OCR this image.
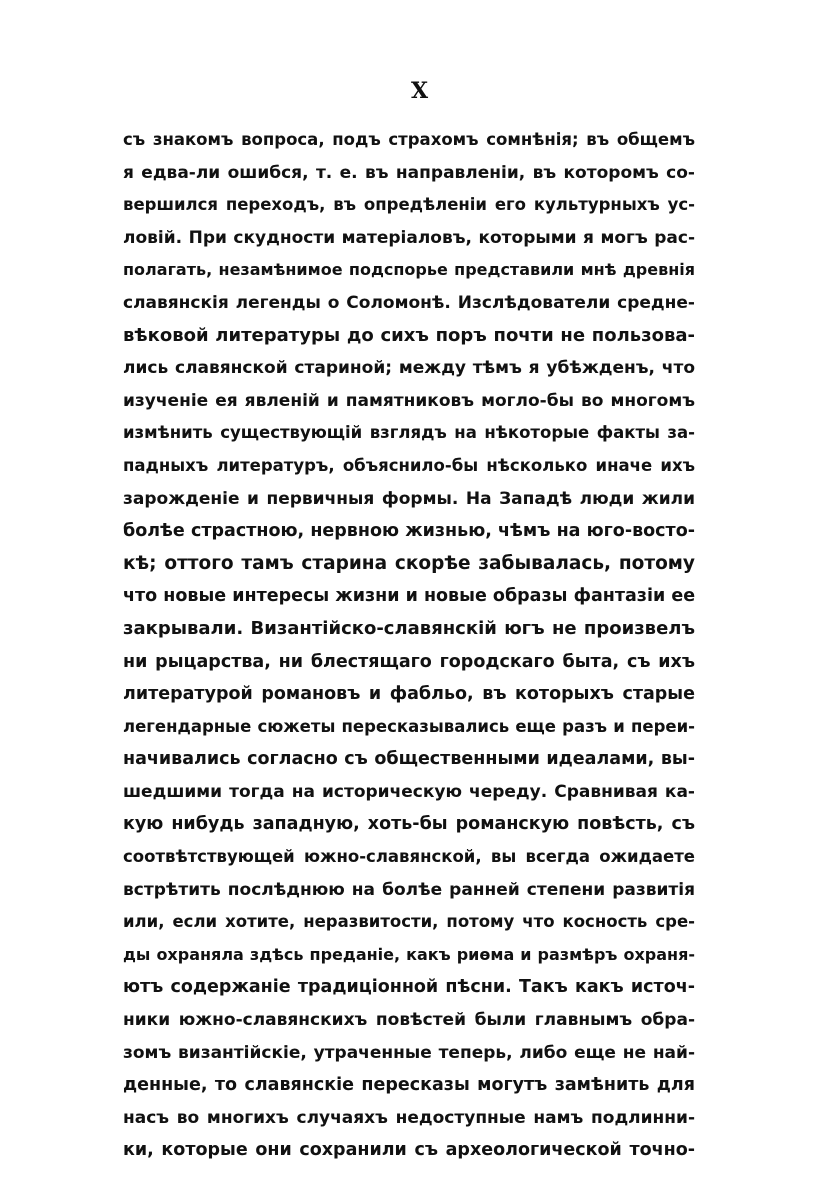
X
съ знакомъ вопроса, подъ страхомъ сомнѣнія; въ общемъ
я едва-ли ошибся, т. е. въ направленіи, въ которомъ со-
вершился переходъ, въ опредѣленіи его культурныхъ ус-
ловій. При скудности матеріаловъ, которыми я могъ рас-
полагать, незамѣнимое подспорье представили мнѣ древнія
славянскія легенды о Соломонѣ. Изслѣдователи средне-
вѣковой литературы до сихъ поръ почти не пользова-
лись славянской стариной; между тѣмъ я убѣжденъ, что
изученіе ея явленій и памятниковъ могло-бы во многомъ
измѣнить существующій взглядъ на нѣкоторые факты за-
падныхъ литературъ, объяснило-бы нѣсколько иначе ихъ
зарожденіе и первичныя формы. На Западѣ люди жили
болѣе страстною, нервною жизнью, чѣмъ на юго-восто-
кѣ; оттого тамъ старина скорѣе забывалась, потому
что новые интересы жизни и новые образы фантазіи ее
закрывали. Византійско-славянскій югъ не произвелъ
ни рыцарства, ни блестящаго городскаго быта, съ ихъ
литературой романовъ и фабльо, въ которыхъ старые
легендарные сюжеты пересказывались еще разъ и переи-
начивались согласно съ общественными идеалами, вы-
шедшими тогда на историческую череду. Сравнивая ка-
кую нибудь западную, хоть-бы романскую повѣсть, съ
соотвѣтствующей южно-славянской, вы всегда ожидаете
встрѣтить послѣднюю на болѣе ранней степени развитія
или, если хотите, неразвитости, потому что косность сре-
ды охраняла здѣсь преданіе, какъ риѳма и размѣръ охраня-
ютъ содержаніе традиціонной пѣсни. Такъ какъ источ-
ники южно-славянскихъ повѣстей были главнымъ обра-
зомъ византійскіе, утраченные теперь, либо еще не най-
денные, то славянскіе пересказы могутъ замѣнить для
насъ во многихъ случаяхъ недоступные намъ подлинни-
ки, которые они сохранили съ археологической точно-
